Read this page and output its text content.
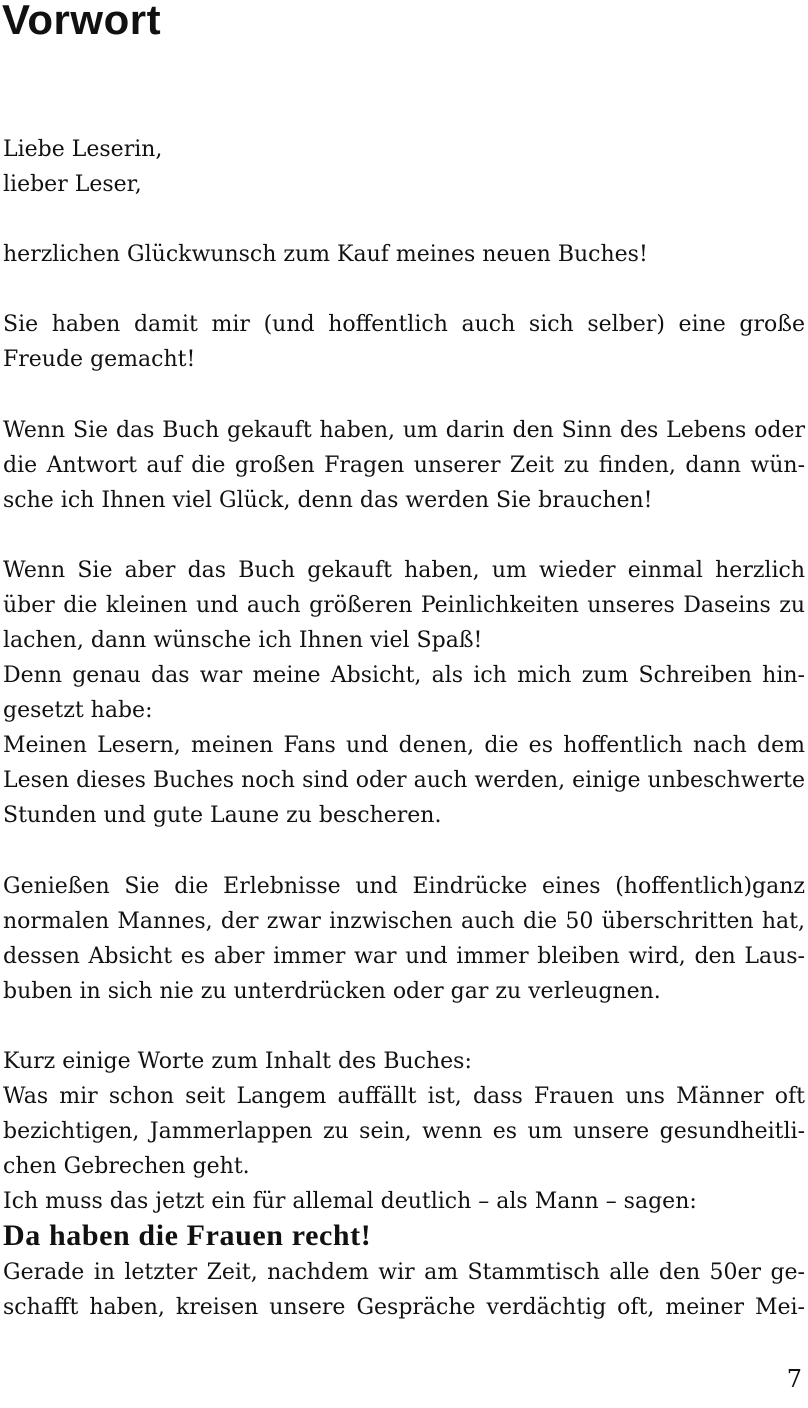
Vorwort
Liebe Leserin,
lieber Leser,
herzlichen Glückwunsch zum Kauf meines neuen Buches!
Sie haben damit mir (und hoffentlich auch sich selber) eine große
Freude gemacht!
Wenn Sie das Buch gekauft haben, um darin den Sinn des Lebens oder
die Antwort auf die großen Fragen unserer Zeit zu finden, dann wün-
sche ich Ihnen viel Glück, denn das werden Sie brauchen!
Wenn Sie aber das Buch gekauft haben, um wieder einmal herzlich
über die kleinen und auch größeren Peinlichkeiten unseres Daseins zu
lachen, dann wünsche ich Ihnen viel Spaß!
Denn genau das war meine Absicht, als ich mich zum Schreiben hin-
gesetzt habe:
Meinen Lesern, meinen Fans und denen, die es hoffentlich nach dem
Lesen dieses Buches noch sind oder auch werden, einige unbeschwerte
Stunden und gute Laune zu bescheren.
Genießen Sie die Erlebnisse und Eindrücke eines (hoffentlich)ganz
normalen Mannes, der zwar inzwischen auch die 50 überschritten hat,
dessen Absicht es aber immer war und immer bleiben wird, den Laus-
buben in sich nie zu unterdrücken oder gar zu verleugnen.
Kurz einige Worte zum Inhalt des Buches:
Was mir schon seit Langem auffällt ist, dass Frauen uns Männer oft
bezichtigen, Jammerlappen zu sein, wenn es um unsere gesundheitli-
chen Gebrechen geht.
Ich muss das jetzt ein für allemal deutlich – als Mann – sagen:
Da haben die Frauen recht!
Gerade in letzter Zeit, nachdem wir am Stammtisch alle den 50er ge-
schafft haben, kreisen unsere Gespräche verdächtig oft, meiner Mei-
7
